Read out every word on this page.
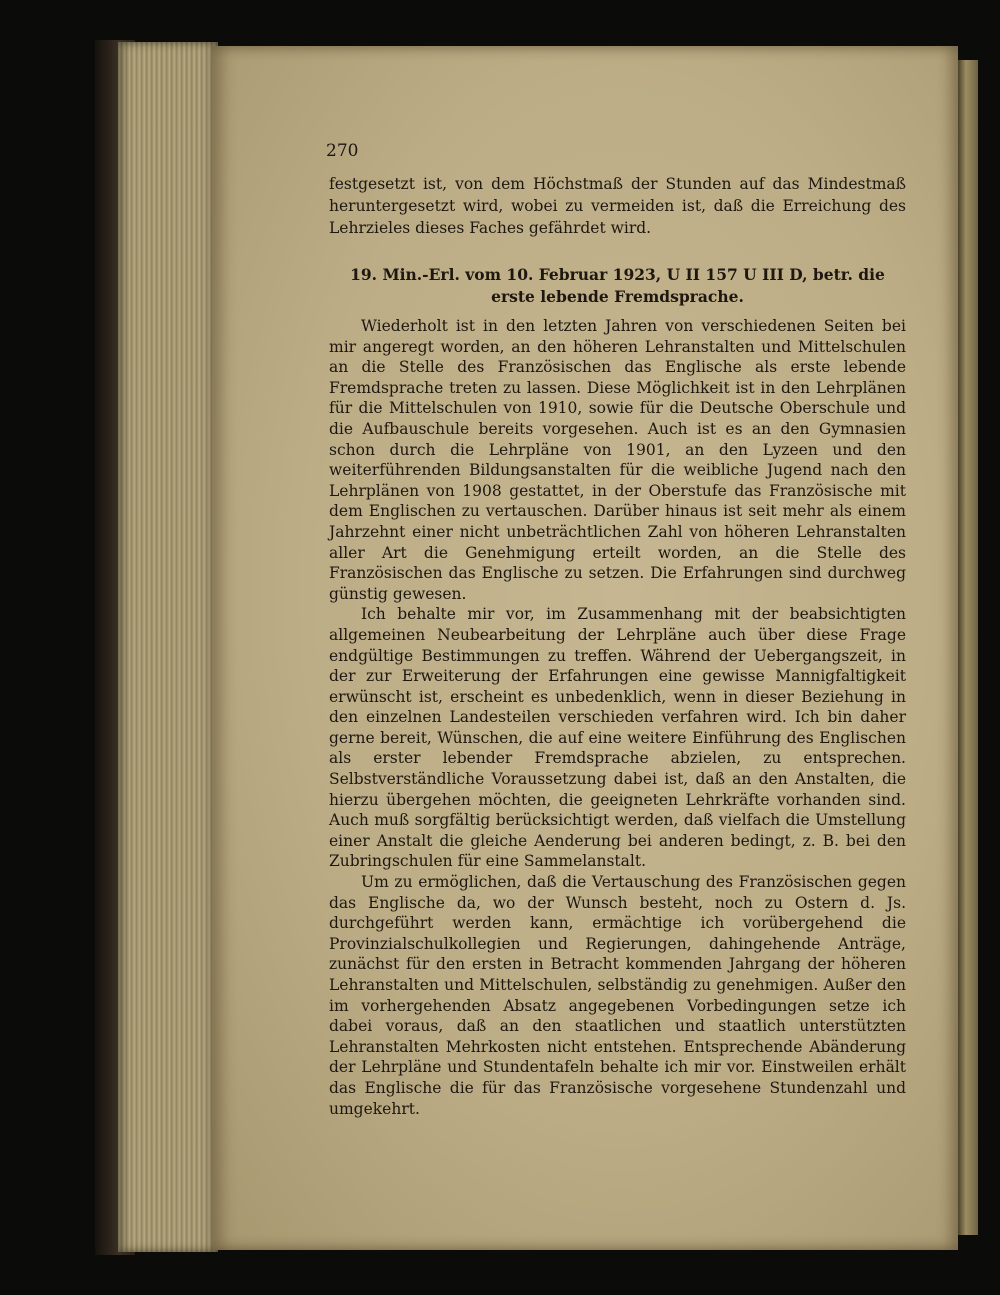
270

festgesetzt ist, von dem Höchstmaß der Stunden auf das Mindestmaß heruntergesetzt wird, wobei zu vermeiden ist, daß die Erreichung des Lehrzieles dieses Faches gefährdet wird.

19. Min.-Erl. vom 10. Februar 1923, U II 157 U III D, betr. die erste lebende Fremdsprache.

Wiederholt ist in den letzten Jahren von verschiedenen Seiten bei mir angeregt worden, an den höheren Lehranstalten und Mittelschulen an die Stelle des Französischen das Englische als erste lebende Fremdsprache treten zu lassen. Diese Möglichkeit ist in den Lehrplänen für die Mittelschulen von 1910, sowie für die Deutsche Oberschule und die Aufbauschule bereits vorgesehen. Auch ist es an den Gymnasien schon durch die Lehrpläne von 1901, an den Lyzeen und den weiterführenden Bildungsanstalten für die weibliche Jugend nach den Lehrplänen von 1908 gestattet, in der Oberstufe das Französische mit dem Englischen zu vertauschen. Darüber hinaus ist seit mehr als einem Jahrzehnt einer nicht unbeträchtlichen Zahl von höheren Lehranstalten aller Art die Genehmigung erteilt worden, an die Stelle des Französischen das Englische zu setzen. Die Erfahrungen sind durchweg günstig gewesen.

Ich behalte mir vor, im Zusammenhang mit der beabsichtigten allgemeinen Neubearbeitung der Lehrpläne auch über diese Frage endgültige Bestimmungen zu treffen. Während der Uebergangszeit, in der zur Erweiterung der Erfahrungen eine gewisse Mannigfaltigkeit erwünscht ist, erscheint es unbedenklich, wenn in dieser Beziehung in den einzelnen Landesteilen verschieden verfahren wird. Ich bin daher gerne bereit, Wünschen, die auf eine weitere Einführung des Englischen als erster lebender Fremdsprache abzielen, zu entsprechen. Selbstverständliche Voraussetzung dabei ist, daß an den Anstalten, die hierzu übergehen möchten, die geeigneten Lehrkräfte vorhanden sind. Auch muß sorgfältig berücksichtigt werden, daß vielfach die Umstellung einer Anstalt die gleiche Aenderung bei anderen bedingt, z. B. bei den Zubringschulen für eine Sammelanstalt.

Um zu ermöglichen, daß die Vertauschung des Französischen gegen das Englische da, wo der Wunsch besteht, noch zu Ostern d. Js. durchgeführt werden kann, ermächtige ich vorübergehend die Provinzialschulkollegien und Regierungen, dahingehende Anträge, zunächst für den ersten in Betracht kommenden Jahrgang der höheren Lehranstalten und Mittelschulen, selbständig zu genehmigen. Außer den im vorhergehenden Absatz angegebenen Vorbedingungen setze ich dabei voraus, daß an den staatlichen und staatlich unterstützten Lehranstalten Mehrkosten nicht entstehen. Entsprechende Abänderung der Lehrpläne und Stundentafeln behalte ich mir vor. Einstweilen erhält das Englische die für das Französische vorgesehene Stundenzahl und umgekehrt.
